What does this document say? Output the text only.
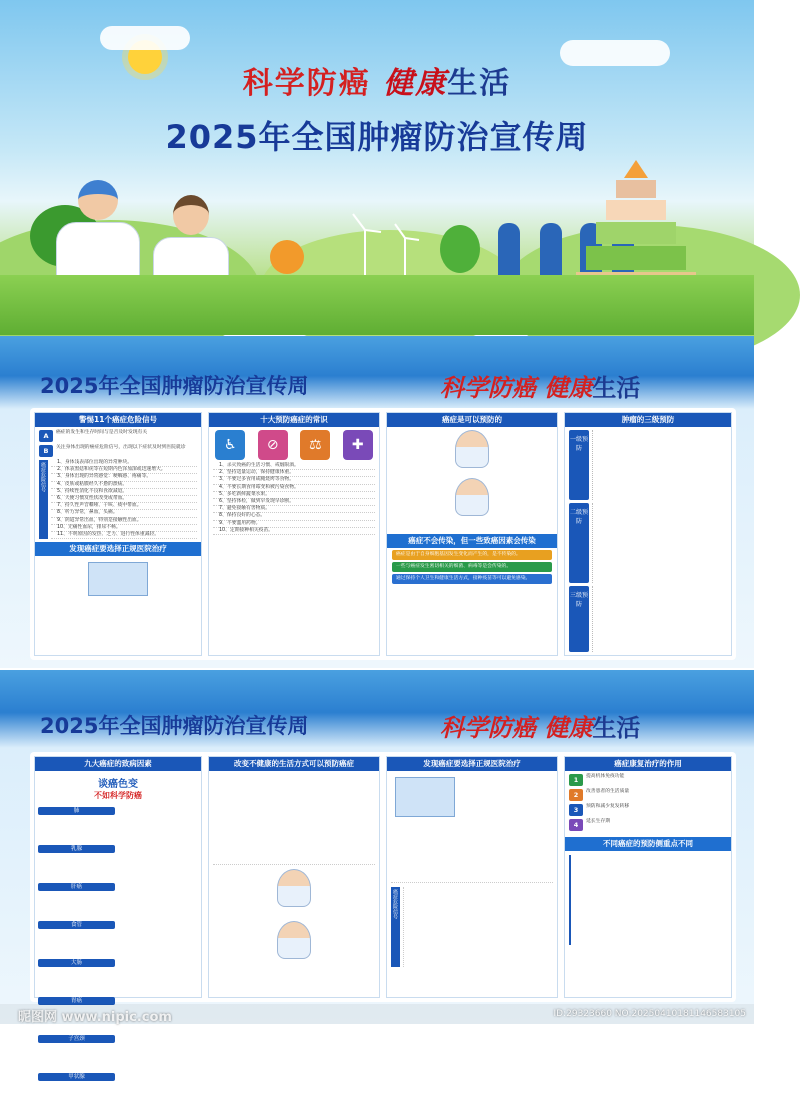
科学防癌 健康生活
2025年全国肿瘤防治宣传周
2025年全国肿瘤防治宣传周	科学防癌 健康生活
警惕11个癌症危险信号
A	癌症的发生和生存时间与是否及时发现有关
B	关注身体出现的癌症危险信号，出现以下症状及时到医院就诊
癌症危险信号	1、身体浅表部位出现的异常肿块。
2、体表黑痣和疣等在短期内色泽加深或迅速增大。
3、身体出现的异常感觉：哽咽感、疼痛等。
4、皮肤或粘膜经久不愈的溃疡。
5、持续性消化不良和食欲减退。
6、大便习惯及性状改变或带血。
7、持久性声音嘶哑、干咳、痰中带血。
8、听力异常，鼻血，头痛。
9、阴道异常出血，特别是接触性出血。
10、无痛性血尿，排尿不畅。
11、不明原因的发热、乏力、进行性体重减轻。
发现癌症要选择正规医院治疗
十大预防癌症的常识
♿	⊘	⚖	✚
1、杀灭致癌的生活习惯、戒烟限酒。
2、坚持适量运动，保持健康体重。
3、不要过多食用咸腌烧烤等食物。
4、不要长期食用霉变和被污染食物。
5、多吃新鲜蔬菜水果。
6、坚持体检，做到早发现早诊断。
7、避免接触有害物质。
8、保持良好的心态。
9、不要滥用药物。
10、定期接种相关疫苗。
癌症是可以预防的
癌症不会传染，但一些致癌因素会传染
癌症是由于自身细胞基因发生变化而产生的，是不传染的。
一些与癌症发生密切相关的细菌、病毒等是会传染的。
通过保持个人卫生和健康生活方式，接种疫苗等可以避免感染。
肿瘤的三级预防
一级预防
二级预防
三级预防
2025年全国肿瘤防治宣传周	科学防癌 健康生活
九大癌症的致病因素
谈癌色变
不如科学防癌
肺

乳腺

肝癌

食管

大肠

胃癌

子宫颈

甲状腺
改变不健康的生活方式可以预防癌症	发现癌症要选择正规医院治疗
癌症危险信号
癌症康复治疗的作用
1	提高机体免疫功能
2	改善患者的生活质量
3	预防和减少复发转移
4	延长生存期
不同癌症的预防侧重点不同
昵图网 www.nipic.com	ID:29323660 NO:20250410181146583105
